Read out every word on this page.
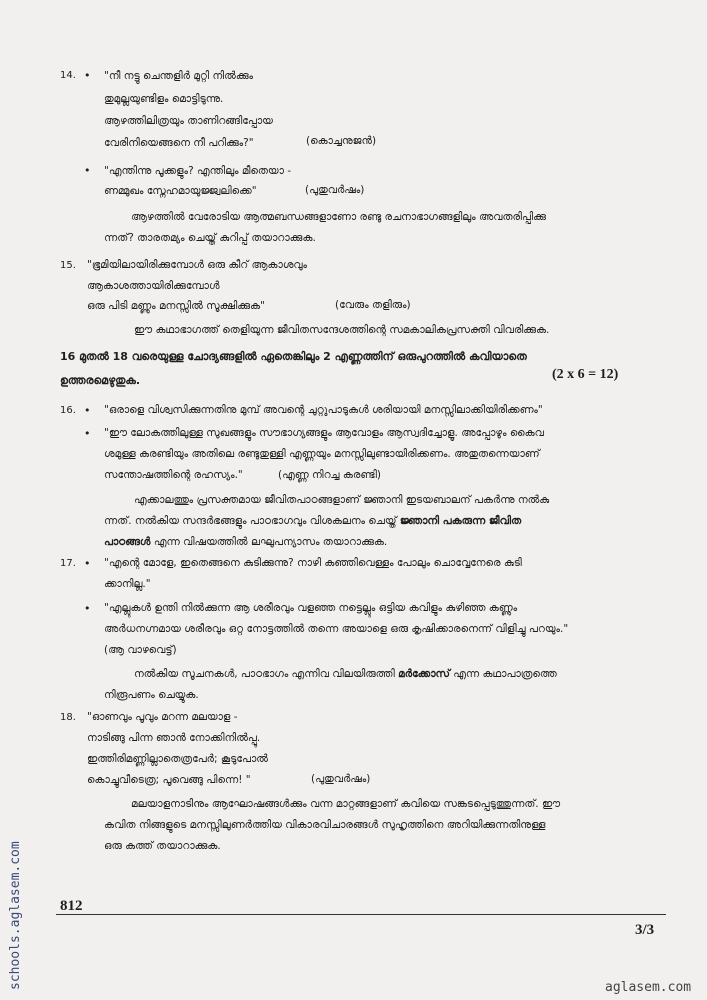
14. • "നീ നട്ടു ചെന്തളിർ മുറ്റി നിൽക്കും
തുമുല്ലയുണ്ടിളം മൊട്ടിടുന്നു.
ആഴത്തിലിത്രയും താണിറങ്ങിപ്പോയ
വേരിനിയെങ്ങനെ നീ പറിക്കും?"	(കൊച്ചനുജൻ)
• "എന്തിന്നു പൂക്കളും? എന്തിലും മീതെയാ -
ണമ്മുഖം സ്നേഹമായുജ്ജ്വലിക്കെ"	(പുതുവർഷം)
ആഴത്തിൽ വേരോടിയ ആത്മബന്ധങ്ങളാണോ രണ്ടു രചനാഭാഗങ്ങളിലും അവതരിപ്പിക്കു
ന്നത്? താരതമ്യം ചെയ്ത് കുറിപ്പ് തയാറാക്കുക.
15. "ഭൂമിയിലായിരിക്കുമ്പോൾ ഒരു കീറ് ആകാശവും
ആകാശത്തായിരിക്കുമ്പോൾ
ഒരു പിടി മണ്ണും മനസ്സിൽ സൂക്ഷിക്കുക"	(വേരും തളിരും)
ഈ കഥാഭാഗത്ത് തെളിയുന്ന ജീവിതസന്ദേശത്തിന്റെ സമകാലികപ്രസക്തി വിവരിക്കുക.
16 മുതൽ 18 വരെയുള്ള ചോദ്യങ്ങളിൽ ഏതെങ്കിലും 2 എണ്ണത്തിന് ഒരുപുറത്തിൽ കവിയാതെ
ഉത്തരമെഴുതുക.	(2 x 6 = 12)
16. • "ഒരാളെ വിശ്വസിക്കുന്നതിനു മുമ്പ് അവന്റെ ചുറ്റുപാടുകൾ ശരിയായി മനസ്സിലാക്കിയിരിക്കണം"
• "ഈ ലോകത്തിലുള്ള സുഖങ്ങളും സൗഭാഗ്യങ്ങളും ആവോളം ആസ്വദിച്ചോളൂ. അപ്പോഴും കൈവ
ശമുള്ള കരണ്ടിയും അതിലെ രണ്ടുതുള്ളി എണ്ണയും മനസ്സിലുണ്ടായിരിക്കണം. അതുതന്നെയാണ്
സന്തോഷത്തിന്റെ രഹസ്യം."	(എണ്ണ നിറച്ച കരണ്ടി)
എക്കാലത്തും പ്രസക്തമായ ജീവിതപാഠങ്ങളാണ് ജ്ഞാനി ഇടയബാലന് പകർന്നു നൽകു
ന്നത്. നൽകിയ സന്ദർഭങ്ങളും പാഠഭാഗവും വിശകലനം ചെയ്ത് ജ്ഞാനി പകരുന്ന ജീവിത
പാഠങ്ങൾ എന്ന വിഷയത്തിൽ ലഘുപന്യാസം തയാറാക്കുക.
17. • "എന്റെ മോളേ, ഇതെങ്ങനെ കുടിക്കുന്നു? നാഴി കഞ്ഞിവെള്ളം പോലും ചൊവ്വേനേരെ കുടി
ക്കാനില്ല."
• "എല്ലുകൾ ഉന്തി നിൽക്കുന്ന ആ ശരീരവും വളഞ്ഞ നട്ടെല്ലും ഒട്ടിയ കവിളും കുഴിഞ്ഞ കണ്ണും
അർധനഗ്നമായ ശരീരവും ഒറ്റ നോട്ടത്തിൽ തന്നെ അയാളെ ഒരു കൃഷിക്കാരനെന്ന് വിളിച്ചു പറയും."
(ആ വാഴവെട്ട്)
നൽകിയ സൂചനകൾ, പാഠഭാഗം എന്നിവ വിലയിരുത്തി മർക്കോസ് എന്ന കഥാപാത്രത്തെ
നിരൂപണം ചെയ്യുക.
18. "ഓണവും പൂവും മറന്ന മലയാള -
നാടിങ്ങു പിന്ന ഞാൻ നോക്കിനിൽപ്പൂ.
ഇത്തിരിമണ്ണില്ലാതെത്രപേർ; കൂടുപോൽ
കൊച്ചുവീടെത്ര; പൂവെങ്ങു പിന്നെ! "	(പുതുവർഷം)
മലയാളനാടിനും ആഘോഷങ്ങൾക്കും വന്ന മാറ്റങ്ങളാണ് കവിയെ സങ്കടപ്പെടുത്തുന്നത്. ഈ
കവിത നിങ്ങളുടെ മനസ്സിലുണർത്തിയ വികാരവിചാരങ്ങൾ സുഹൃത്തിനെ അറിയിക്കുന്നതിനുള്ള
ഒരു കത്ത് തയാറാക്കുക.
812
3/3
schools.aglasem.com	aglasem.com
